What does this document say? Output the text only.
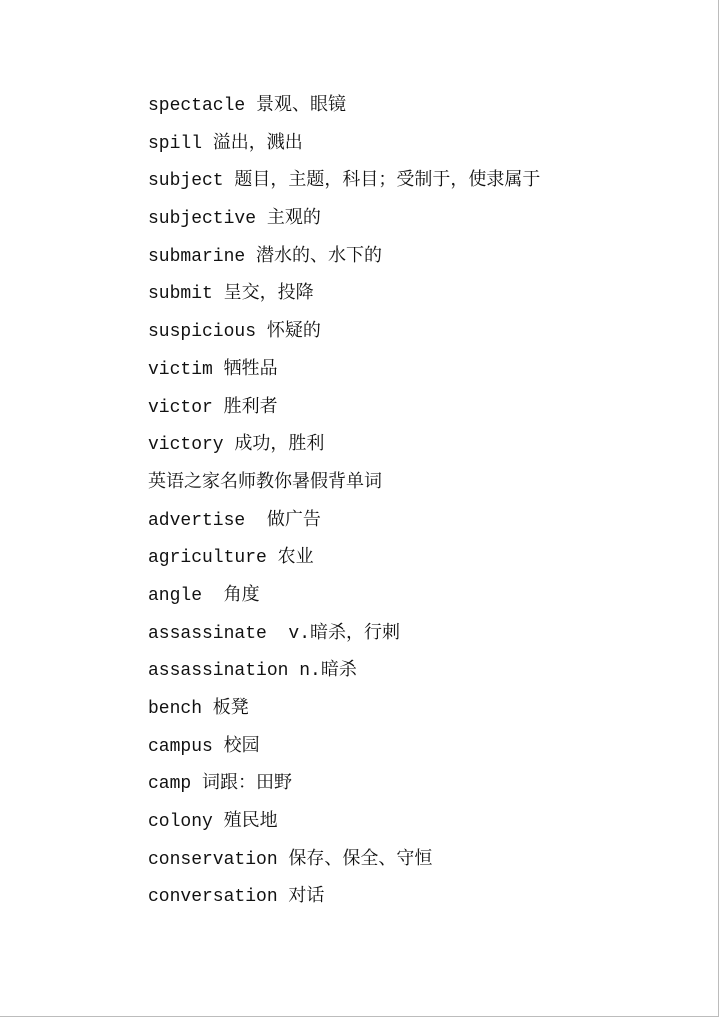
spectacle 景观、眼镜
spill 溢出，溅出
subject 题目，主题，科目；受制于，使隶属于
subjective 主观的
submarine 潜水的、水下的
submit 呈交，投降
suspicious 怀疑的
victim 牺牲品
victor 胜利者
victory 成功，胜利
英语之家名师教你暑假背单词
advertise  做广告
agriculture 农业
angle  角度
assassinate  v.暗杀，行刺
assassination n.暗杀
bench 板凳
campus 校园
camp 词跟：田野
colony 殖民地
conservation 保存、保全、守恒
conversation 对话
